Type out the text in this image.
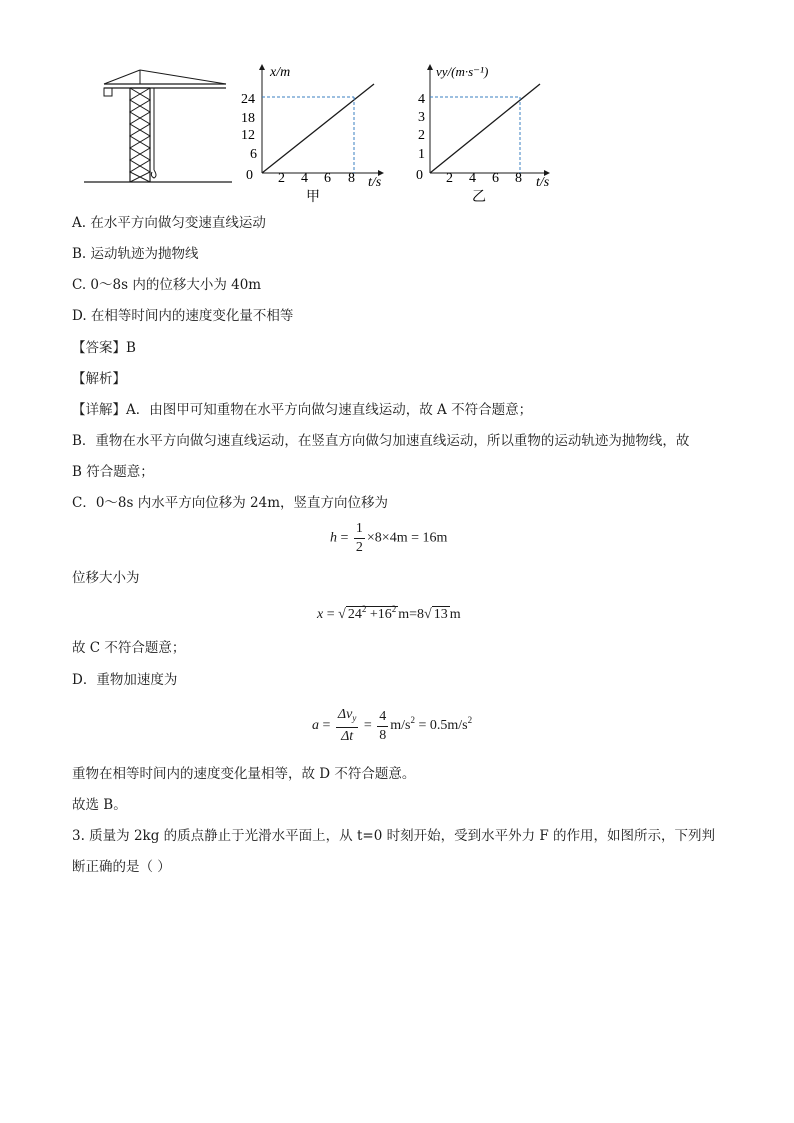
x/m
0 2 4 6 8 t/s
6
12
18
24
甲
vy/(m·s⁻¹)
0 2 4 6 8 t/s
1
2
3
4
乙
A. 在水平方向做匀变速直线运动
B. 运动轨迹为抛物线
C. 0～8s 内的位移大小为 40m
D. 在相等时间内的速度变化量不相等
【答案】B
【解析】
【详解】A．由图甲可知重物在水平方向做匀速直线运动，故 A 不符合题意；
B．重物在水平方向做匀速直线运动，在竖直方向做匀加速直线运动，所以重物的运动轨迹为抛物线，故
B 符合题意；
C．0～8s 内水平方向位移为 24m，竖直方向位移为
$h = \frac{1}{2} \times 8\times 4m = 16m$
位移大小为
x = √ $24^2 +16^2$ m=8√ 13 m
故 C 不符合题意；
D．重物加速度为
$a = \frac{\Delta v_y}{\Delta t} = \frac{4}{8} m/s^2 = 0.5m/s^2$
重物在相等时间内的速度变化量相等，故 D 不符合题意。
故选 B。
3. 质量为 2kg 的质点静止于光滑水平面上，从 t=0 时刻开始，受到水平外力 F 的作用，如图所示，下列判
断正确的是（ ）
